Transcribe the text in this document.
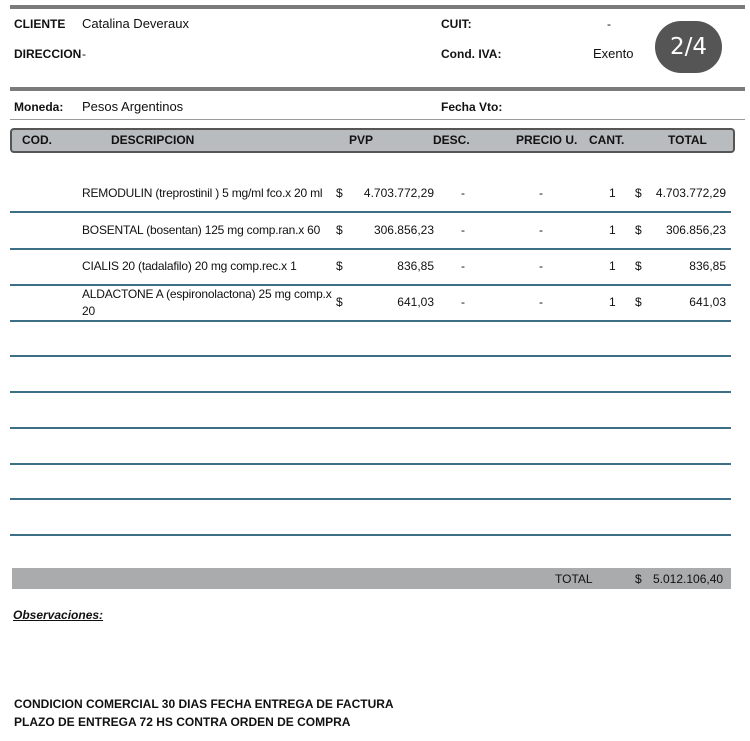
CLIENTE Catalina Deveraux	CUIT:	-
DIRECCION -	Cond. IVA:	Exento 2/4
Moneda: Pesos Argentinos	Fecha Vto:
COD.	DESCRIPCION	PVP	DESC.	PRECIO U. CANT.	TOTAL
REMODULIN (treprostinil ) 5 mg/ml fco.x 20 ml $	4.703.772,29 -	-	1 $	4.703.772,29
BOSENTAL (bosentan) 125 mg comp.ran.x 60 $	306.856,23 -	-	1 $	306.856,23
CIALIS 20 (tadalafilo) 20 mg comp.rec.x 1	$	836,85 -	-	1 $	836,85
ALDACTONE A (espironolactona) 25 mg comp.x
20
$	641,03 -	-	1 $	641,03
TOTAL	$ 5.012.106,40
Observaciones:
CONDICION COMERCIAL 30 DIAS FECHA ENTREGA DE FACTURA
PLAZO DE ENTREGA 72 HS CONTRA ORDEN DE COMPRA
